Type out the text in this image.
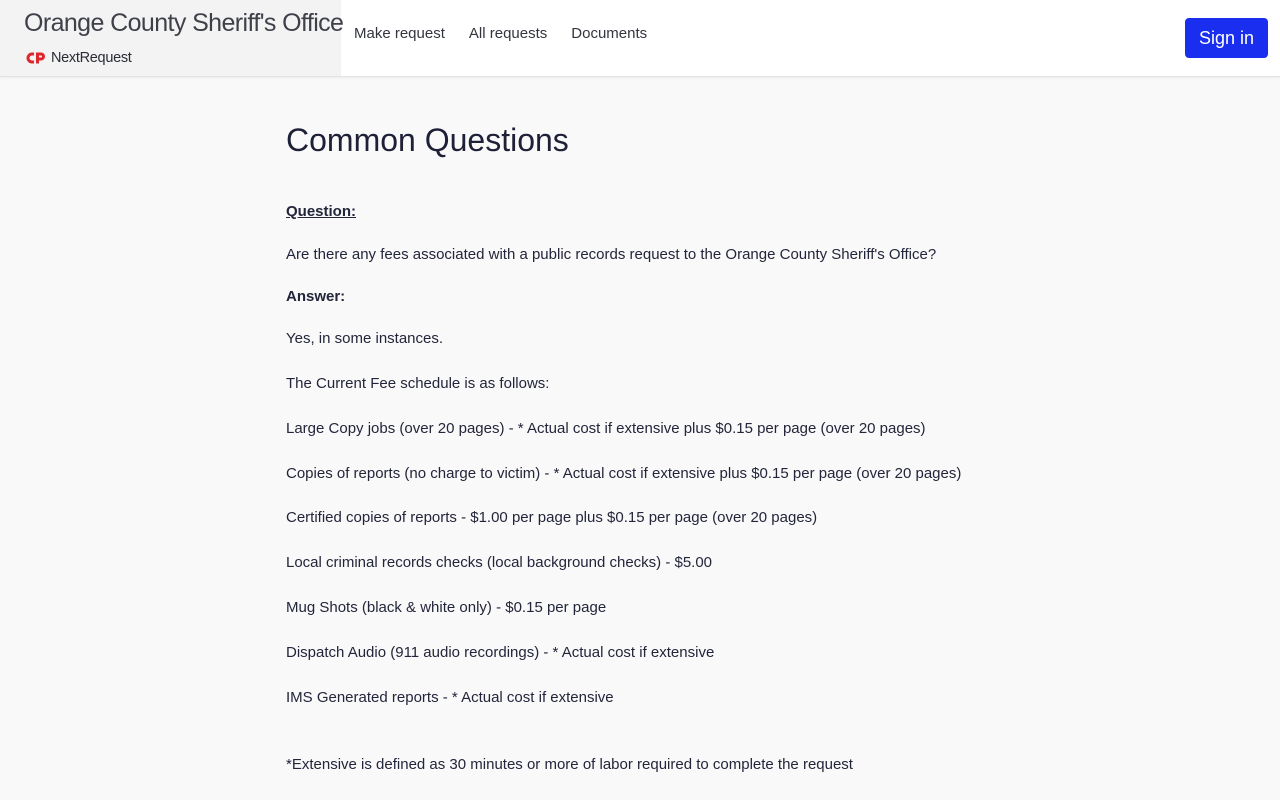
Orange County Sheriff's Office
NextRequest
Make request All requests Documents	Sign in
Common Questions
Question:
Are there any fees associated with a public records request to the Orange County Sheriff's Office?
Answer:
Yes, in some instances.
The Current Fee schedule is as follows:
Large Copy jobs (over 20 pages) - * Actual cost if extensive plus $0.15 per page (over 20 pages)
Copies of reports (no charge to victim) - * Actual cost if extensive plus $0.15 per page (over 20 pages)
Certified copies of reports - $1.00 per page plus $0.15 per page (over 20 pages)
Local criminal records checks (local background checks) - $5.00
Mug Shots (black & white only) - $0.15 per page
Dispatch Audio (911 audio recordings) - * Actual cost if extensive
IMS Generated reports - * Actual cost if extensive
*Extensive is defined as 30 minutes or more of labor required to complete the request
